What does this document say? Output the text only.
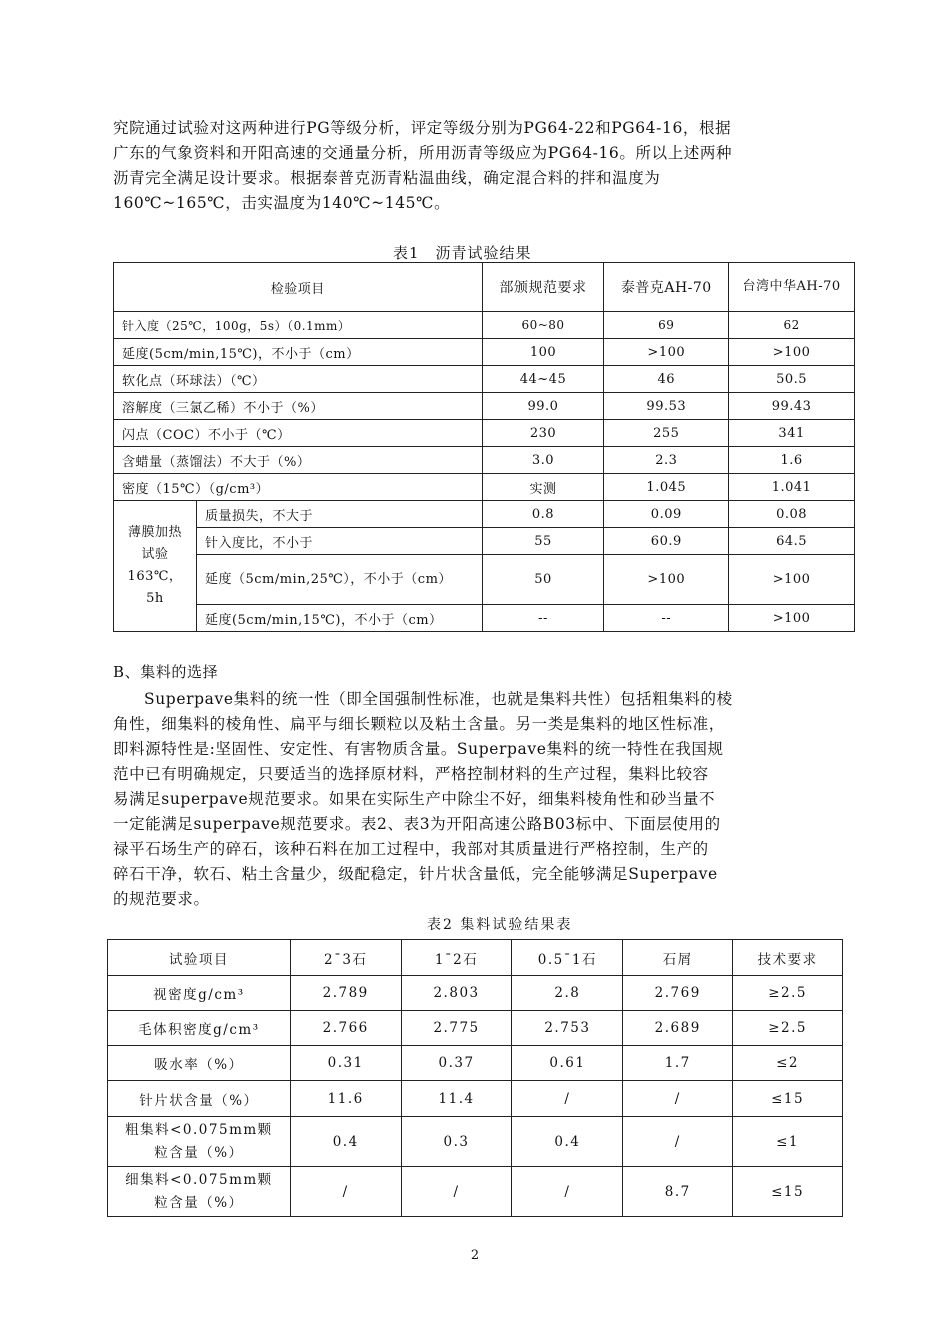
究院通过试验对这两种进行PG等级分析，评定等级分别为PG64-22和PG64-16，根据

广东的气象资料和开阳高速的交通量分析，所用沥青等级应为PG64-16。所以上述两种

沥青完全满足设计要求。根据泰普克沥青粘温曲线，确定混合料的拌和温度为

160℃~165℃，击实温度为140℃~145℃。

表1　沥青试验结果
检验项目		部颁规范要求	泰普克AH-70	台湾中华AH-70
针入度（25℃，100g，5s）（0.1mm）		60~80	69	62
延度(5cm/min,15℃)，不小于（cm）		100	>100	>100
软化点（环球法）（℃）		44~45	46	50.5
溶解度（三氯乙稀）不小于（%）		99.0	99.53	99.43
闪点（COC）不小于（℃）		230	255	341
含蜡量（蒸馏法）不大于（%）		3.0	2.3	1.6
密度（15℃）（g/cm³）		实测	1.045	1.041
薄膜加热试验163℃，5h	质量损失，不大于	0.8	0.09	0.08
	针入度比，不小于	55	60.9	64.5
	延度（5cm/min,25℃），不小于（cm）	50	>100	>100
	延度(5cm/min,15℃)，不小于（cm）	--	--	>100
B、集料的选择

Superpave集料的统一性（即全国强制性标准，也就是集料共性）包括粗集料的棱

角性，细集料的棱角性、扁平与细长颗粒以及粘土含量。另一类是集料的地区性标准，

即料源特性是:坚固性、安定性、有害物质含量。Superpave集料的统一特性在我国规

范中已有明确规定，只要适当的选择原材料，严格控制材料的生产过程，集料比较容

易满足superpave规范要求。如果在实际生产中除尘不好，细集料棱角性和砂当量不

一定能满足superpave规范要求。表2、表3为开阳高速公路B03标中、下面层使用的

禄平石场生产的碎石，该种石料在加工过程中，我部对其质量进行严格控制，生产的

碎石干净，软石、粘土含量少，级配稳定，针片状含量低，完全能够满足Superpave

的规范要求。

表2 集料试验结果表
试验项目	2ˉ3石	1ˉ2石	0.5ˉ1石	石屑	技术要求
视密度g/cm³	2.789	2.803	2.8	2.769	≥2.5
毛体积密度g/cm³	2.766	2.775	2.753	2.689	≥2.5
吸水率（%）	0.31	0.37	0.61	1.7	≤2
针片状含量（%）	11.6	11.4	/	/	≤15
粗集料<0.075mm颗粒含量（%）	0.4	0.3	0.4	/	≤1
细集料<0.075mm颗粒含量（%）	/	/	/	8.7	≤15
2
